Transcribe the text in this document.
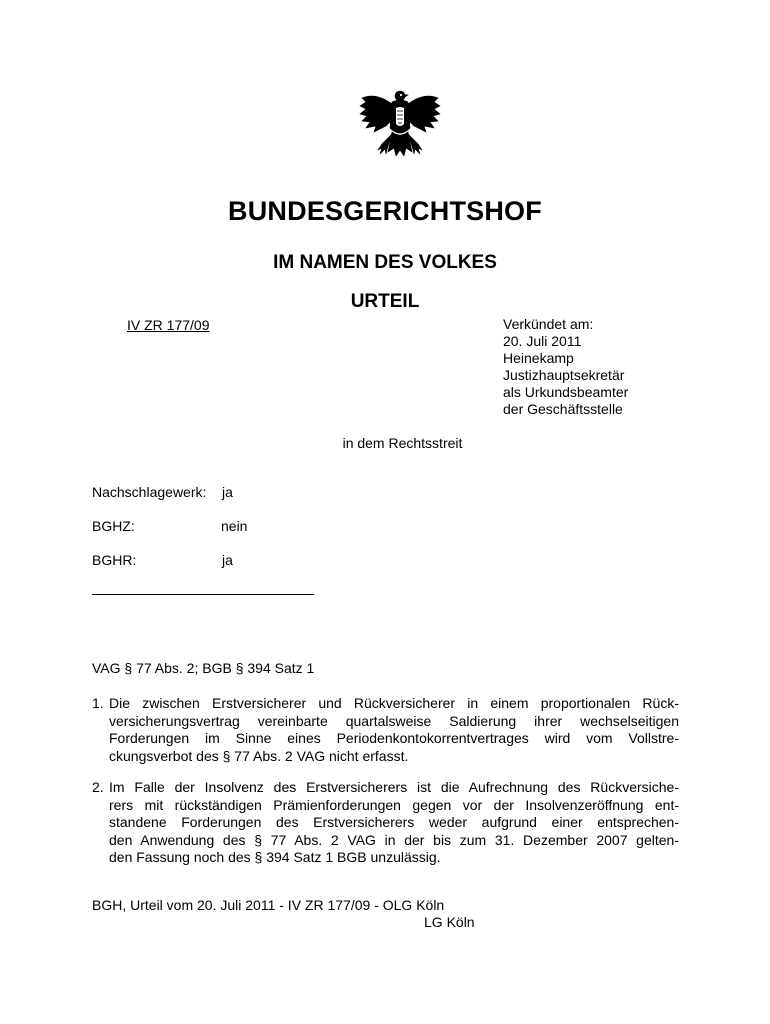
BUNDESGERICHTSHOF
IM NAMEN DES VOLKES
URTEIL
IV ZR 177/09	Verkündet am:
20. Juli 2011
Heinekamp
Justizhauptsekretär
als Urkundsbeamter
der Geschäftsstelle
in dem Rechtsstreit
Nachschlagewerk: ja
BGHZ:	nein
BGHR:	ja
VAG § 77 Abs. 2; BGB § 394 Satz 1
1. Die zwischen Erstversicherer und Rückversicherer in einem proportionalen Rück-
versicherungsvertrag vereinbarte quartalsweise Saldierung ihrer wechselseitigen
Forderungen im Sinne eines Periodenkontokorrentvertrages wird vom Vollstre-
ckungsverbot des § 77 Abs. 2 VAG nicht erfasst.
2. Im Falle der Insolvenz des Erstversicherers ist die Aufrechnung des Rückversiche-
rers mit rückständigen Prämienforderungen gegen vor der Insolvenzeröffnung ent-
standene Forderungen des Erstversicherers weder aufgrund einer entsprechen-
den Anwendung des § 77 Abs. 2 VAG in der bis zum 31. Dezember 2007 gelten-
den Fassung noch des § 394 Satz 1 BGB unzulässig.
BGH, Urteil vom 20. Juli 2011 - IV ZR 177/09 - OLG Köln
LG Köln
